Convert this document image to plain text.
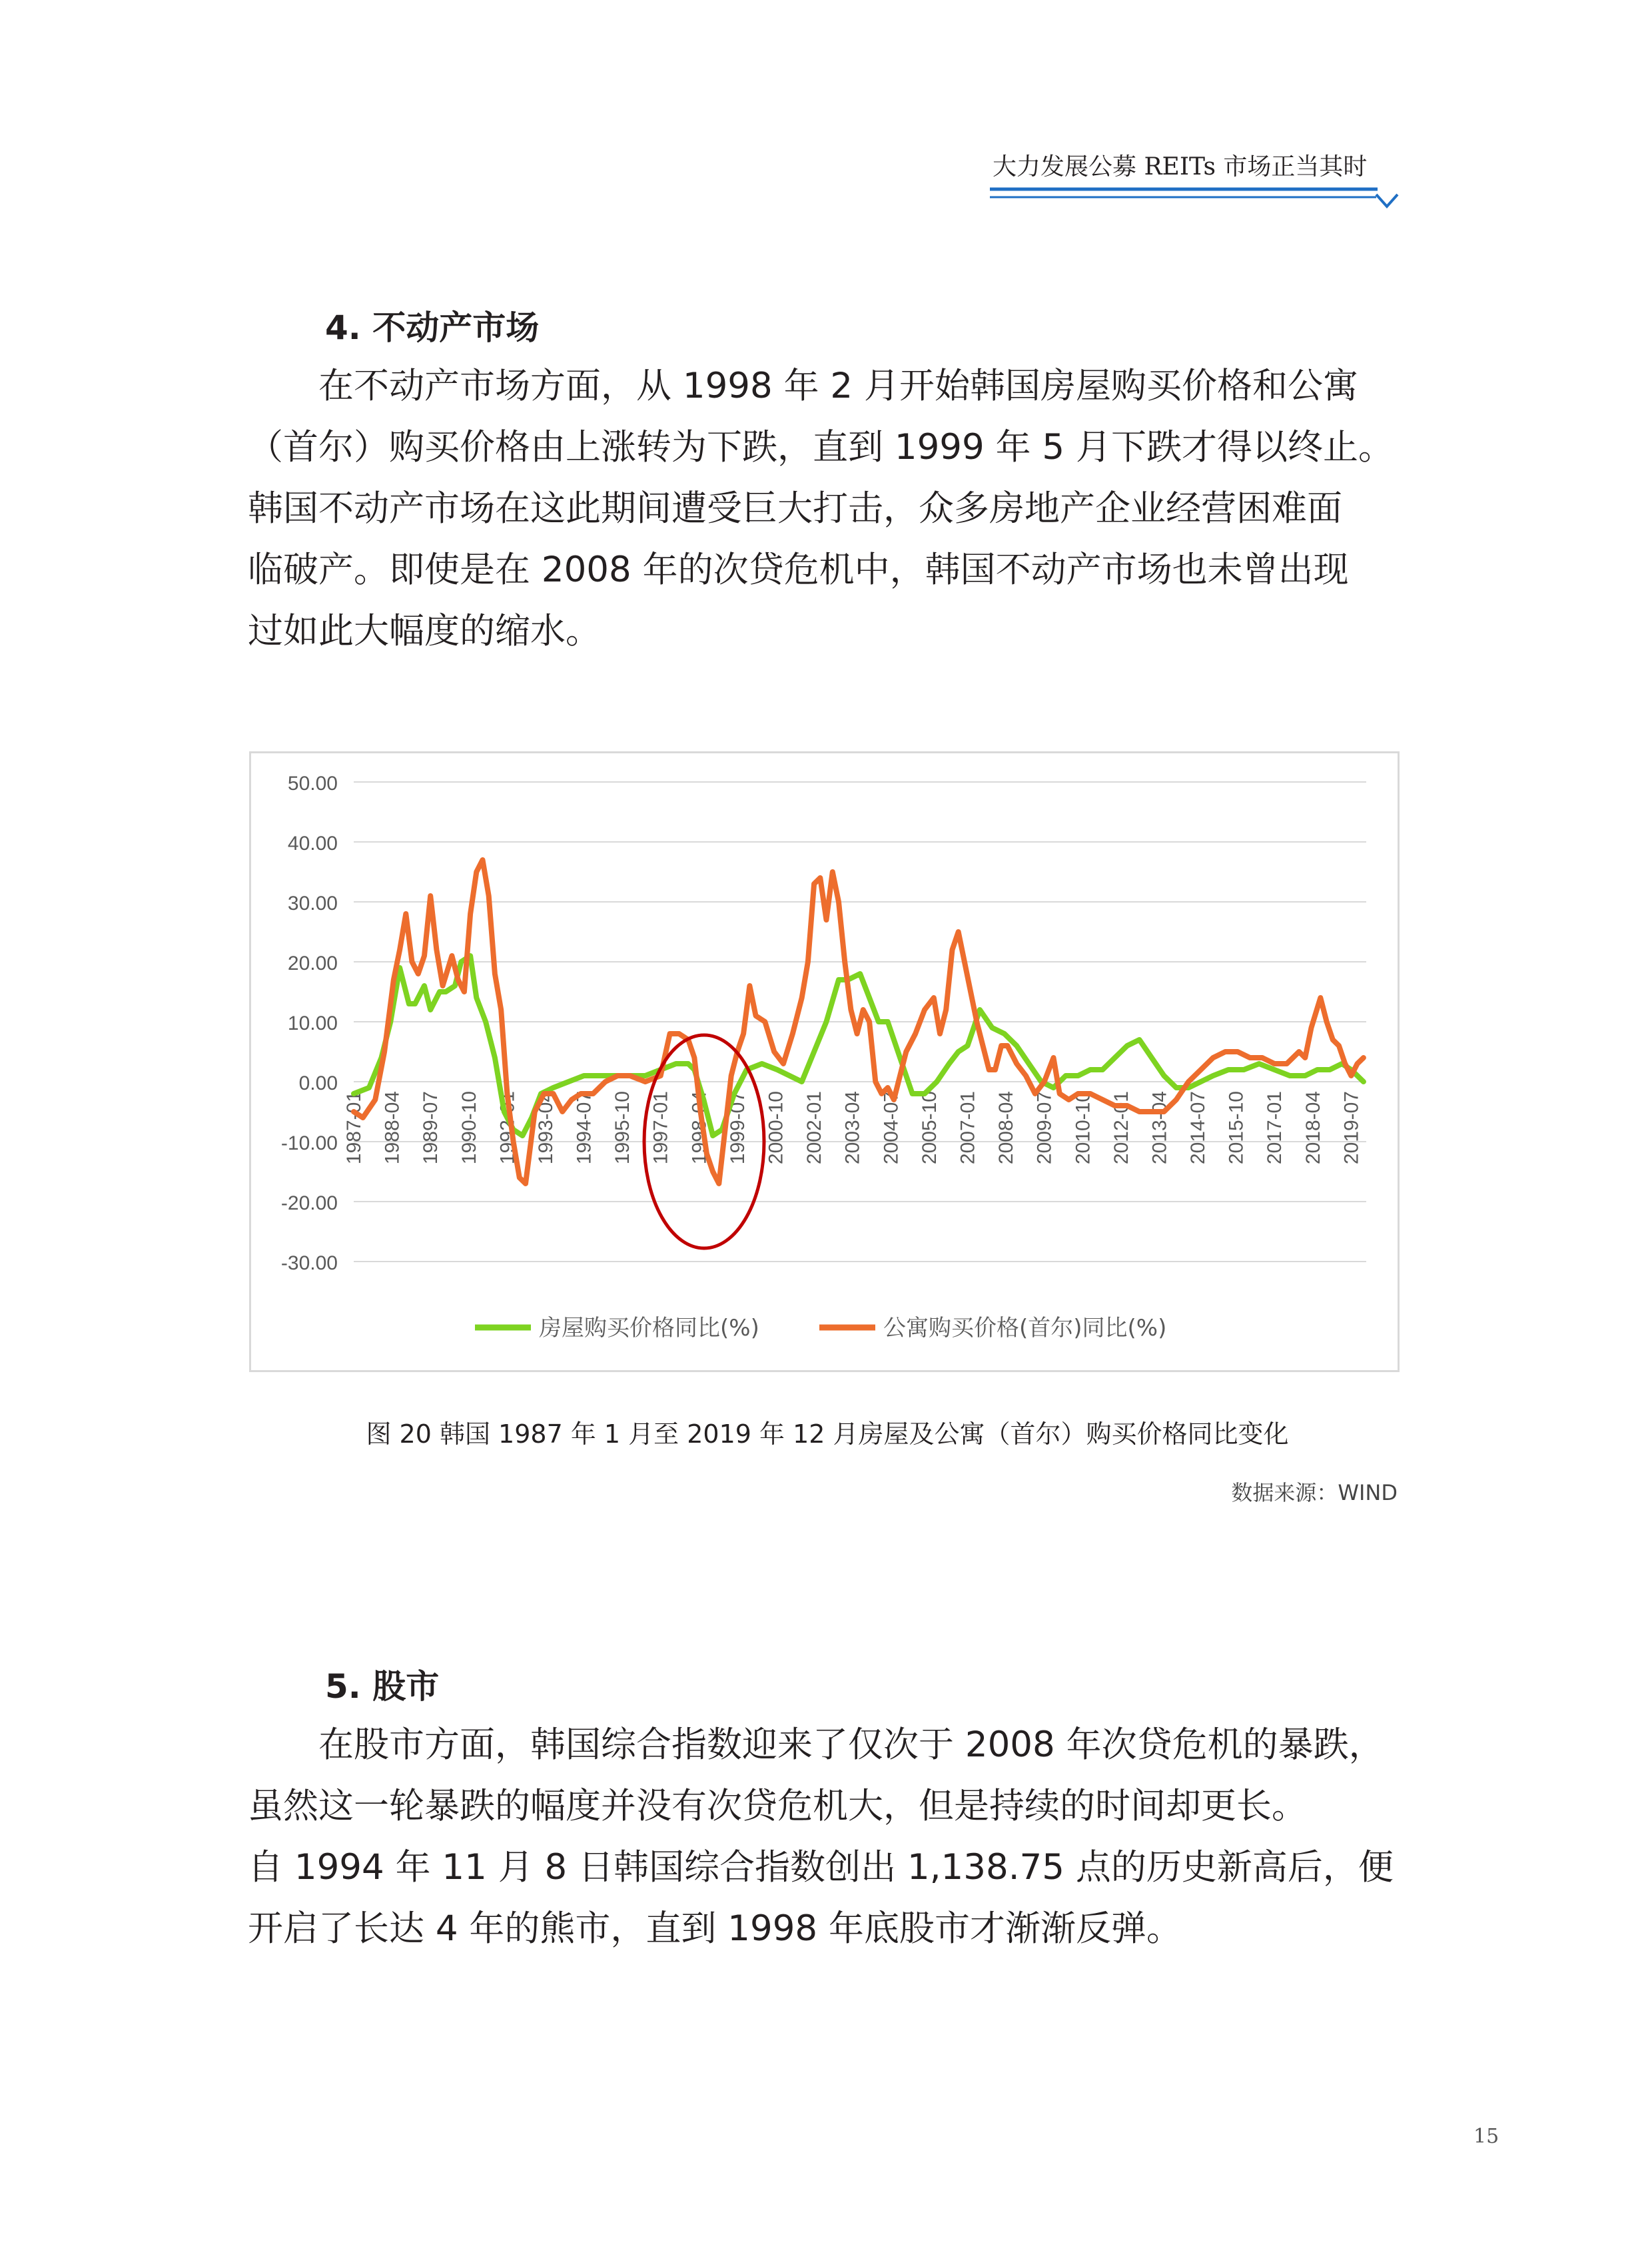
大力发展公募 REITs 市场正当其时
4. 不动产市场
　　在不动产市场方面，从 1998 年 2 月开始韩国房屋购买价格和公寓
（首尔）购买价格由上涨转为下跌，直到 1999 年 5 月下跌才得以终止。
韩国不动产市场在这此期间遭受巨大打击，众多房地产企业经营困难面
临破产。即使是在 2008 年的次贷危机中，韩国不动产市场也未曾出现
过如此大幅度的缩水。
50.00
40.00
30.00
20.00
10.00
0.00
-10.00
-20.00
-30.00
1987-01 1988-04 1989-07 1990-10 1992-01 1993-04 1994-07 1995-10 1997-01 1998-04 1999-07 2000-10 2002-01 2003-04 2004-07 2005-10 2007-01 2008-04 2009-07 2010-10 2012-01 2013-04 2014-07 2015-10 2017-01 2018-04 2019-07
房屋购买价格同比(%)	公寓购买价格(首尔)同比(%)
图 20 韩国 1987 年 1 月至 2019 年 12 月房屋及公寓（首尔）购买价格同比变化
数据来源：WIND
5. 股市
　　在股市方面，韩国综合指数迎来了仅次于 2008 年次贷危机的暴跌，
虽然这一轮暴跌的幅度并没有次贷危机大，但是持续的时间却更长。
自 1994 年 11 月 8 日韩国综合指数创出 1,138.75 点的历史新高后，便
开启了长达 4 年的熊市，直到 1998 年底股市才渐渐反弹。
15
